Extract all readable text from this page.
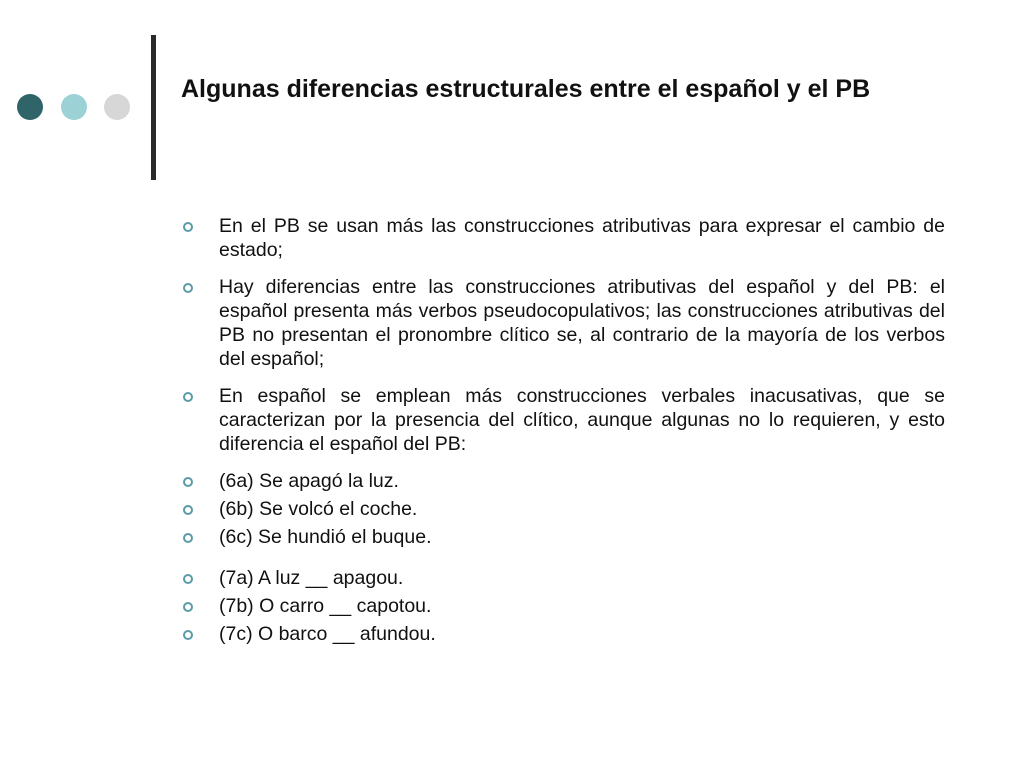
Algunas diferencias estructurales entre el español y el PB
En el PB se usan más las construcciones atributivas para expresar el cambio de estado;
Hay diferencias entre las construcciones atributivas del español y del PB: el español presenta más verbos pseudocopulativos; las construcciones atributivas del PB no presentan el pronombre clítico se, al contrario de la mayoría de los verbos del español;
En español se emplean más construcciones verbales inacusativas, que se caracterizan por la presencia del clítico, aunque algunas no lo requieren, y esto diferencia el español del PB:
(6a) Se apagó la luz.
(6b) Se volcó el coche.
(6c) Se hundió el buque.
(7a) A luz __ apagou.
(7b) O carro __ capotou.
(7c) O barco __ afundou.
